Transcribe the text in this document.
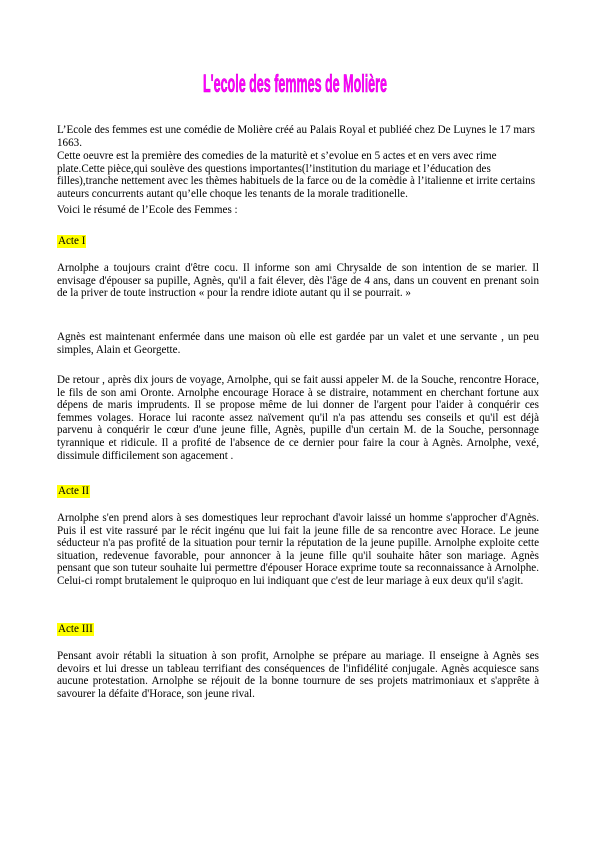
L'ecole des femmes de Molière
L’Ecole des femmes est une comédie de Molière créé au Palais Royal et publiéé chez De Luynes le 17 mars 1663.
Cette oeuvre est la première des comedies de la maturitè et s’evolue en 5 actes et en vers avec rime plate.Cette pièce,qui soulève des questions importantes(l’institution du mariage et l’éducation des filles),tranche nettement avec les thèmes habituels de la farce ou de la comèdie à l’italienne et irrite certains auteurs concurrents autant qu’elle choque les tenants de la morale traditionelle.
Voici le résumé de l’Ecole des Femmes :
Acte I
Arnolphe a toujours craint d'être cocu. Il informe son ami Chrysalde de son intention de se marier. Il envisage d'épouser sa pupille, Agnès, qu'il a fait élever, dès l'âge de 4 ans, dans un couvent en prenant soin de la priver de toute instruction « pour la rendre idiote autant qu il se pourrait. »
Agnès est maintenant enfermée dans une maison où elle est gardée par un valet et une servante , un peu simples, Alain et Georgette.
De retour , après dix jours de voyage, Arnolphe, qui se fait aussi appeler M. de la Souche, rencontre Horace, le fils de son ami Oronte. Arnolphe encourage Horace à se distraire, notamment en cherchant fortune aux dépens de maris imprudents. Il se propose même de lui donner de l'argent pour l'aider à conquérir ces femmes volages. Horace lui raconte assez naïvement qu'il n'a pas attendu ses conseils et qu'il est déjà parvenu à conquérir le cœur d'une jeune fille, Agnès, pupille d'un certain M. de la Souche, personnage tyrannique et ridicule. Il a profité de l'absence de ce dernier pour faire la cour à Agnès. Arnolphe, vexé, dissimule difficilement son agacement .
Acte II
Arnolphe s'en prend alors à ses domestiques leur reprochant d'avoir laissé un homme s'approcher d'Agnès. Puis il est vite rassuré par le récit ingénu que lui fait la jeune fille de sa rencontre avec Horace. Le jeune séducteur n'a pas profité de la situation pour ternir la réputation de la jeune pupille. Arnolphe exploite cette situation, redevenue favorable, pour annoncer à la jeune fille qu'il souhaite hâter son mariage. Agnès pensant que son tuteur souhaite lui permettre d'épouser Horace exprime toute sa reconnaissance à Arnolphe. Celui-ci rompt brutalement le quiproquo en lui indiquant que c'est de leur mariage à eux deux qu'il s'agit.
Acte III
Pensant avoir rétabli la situation à son profit, Arnolphe se prépare au mariage. Il enseigne à Agnès ses devoirs et lui dresse un tableau terrifiant des conséquences de l'infidélité conjugale. Agnès acquiesce sans aucune protestation. Arnolphe se réjouit de la bonne tournure de ses projets matrimoniaux et s'apprête à savourer la défaite d'Horace, son jeune rival.
